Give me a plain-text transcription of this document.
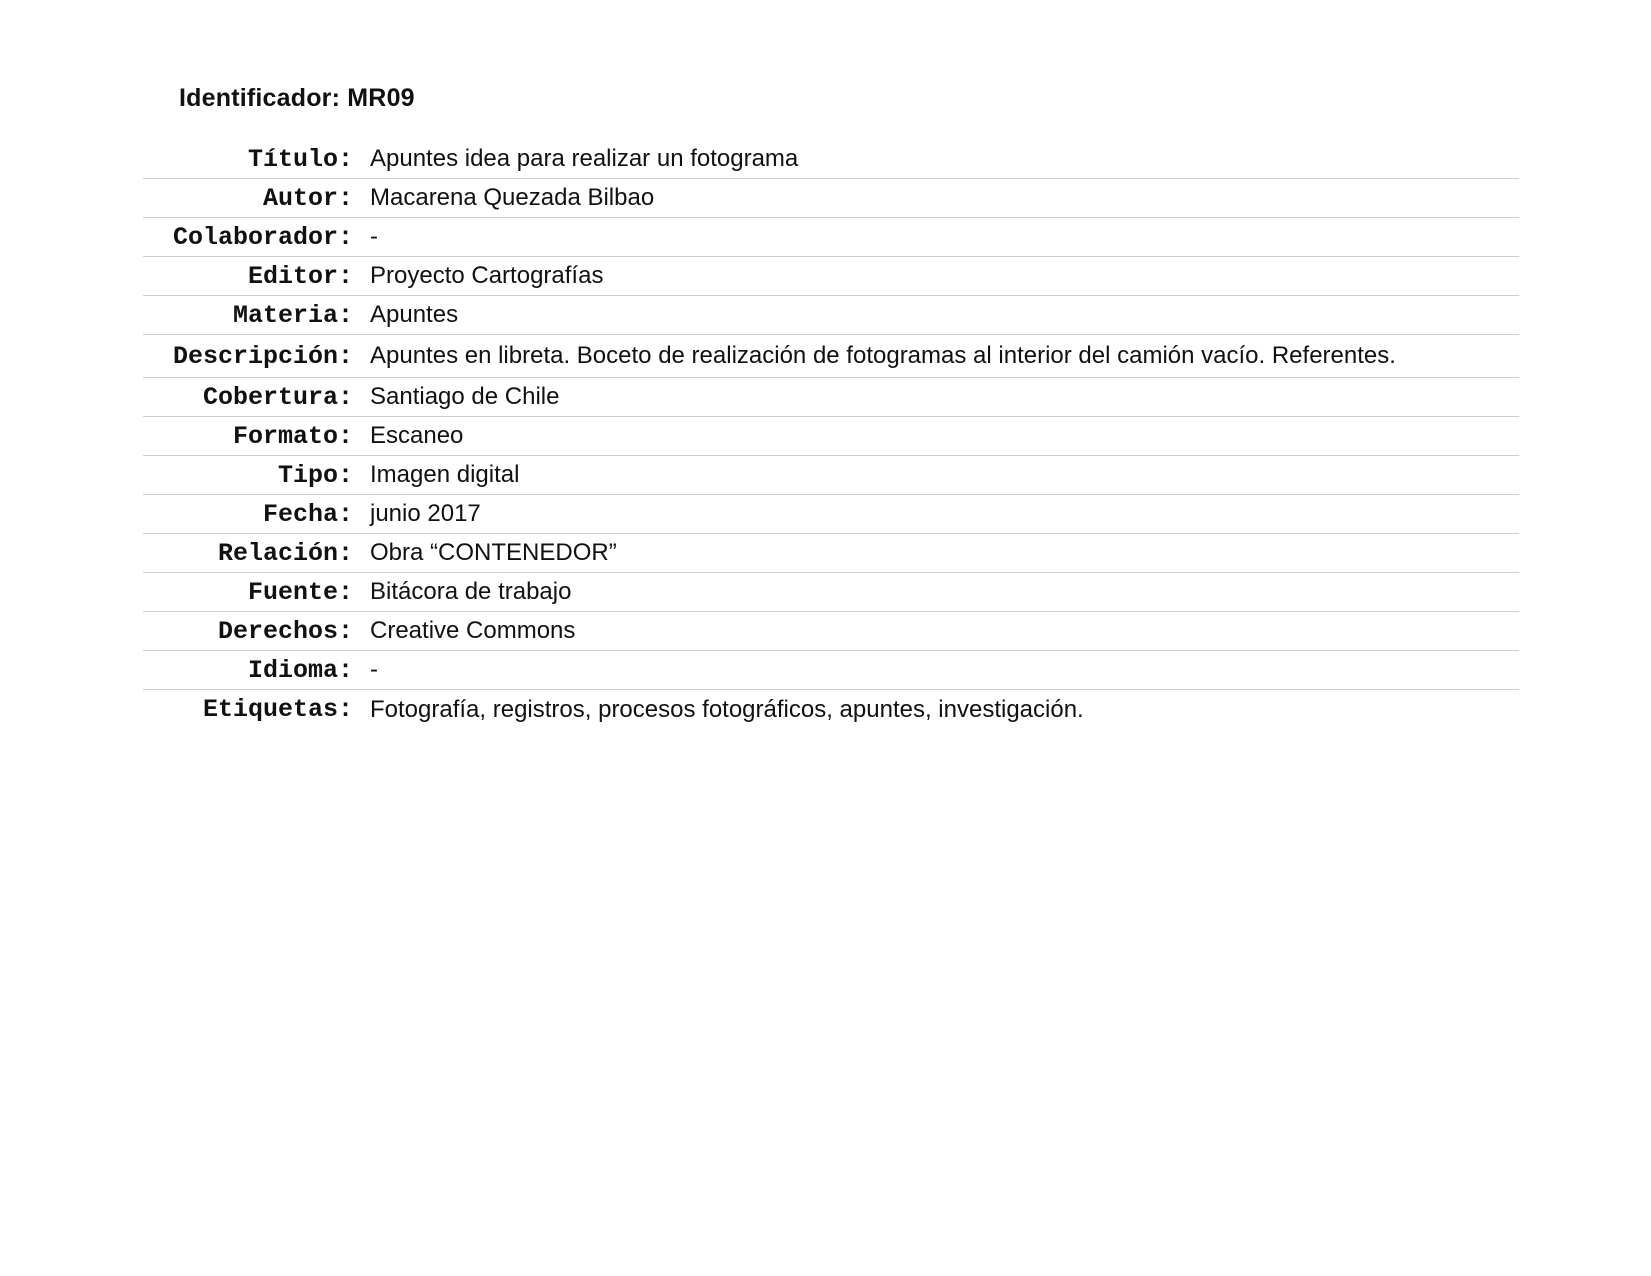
Identificador: MR09
Título: Apuntes idea para realizar un fotograma
Autor: Macarena Quezada Bilbao
Colaborador: -
Editor: Proyecto Cartografías
Materia: Apuntes
Descripción: Apuntes en libreta. Boceto de realización de fotogramas al interior del camión vacío. Referentes.
Cobertura: Santiago de Chile
Formato: Escaneo
Tipo: Imagen digital
Fecha: junio 2017
Relación: Obra “CONTENEDOR”
Fuente: Bitácora de trabajo
Derechos: Creative Commons
Idioma: -
Etiquetas: Fotografía, registros, procesos fotográficos, apuntes, investigación.
